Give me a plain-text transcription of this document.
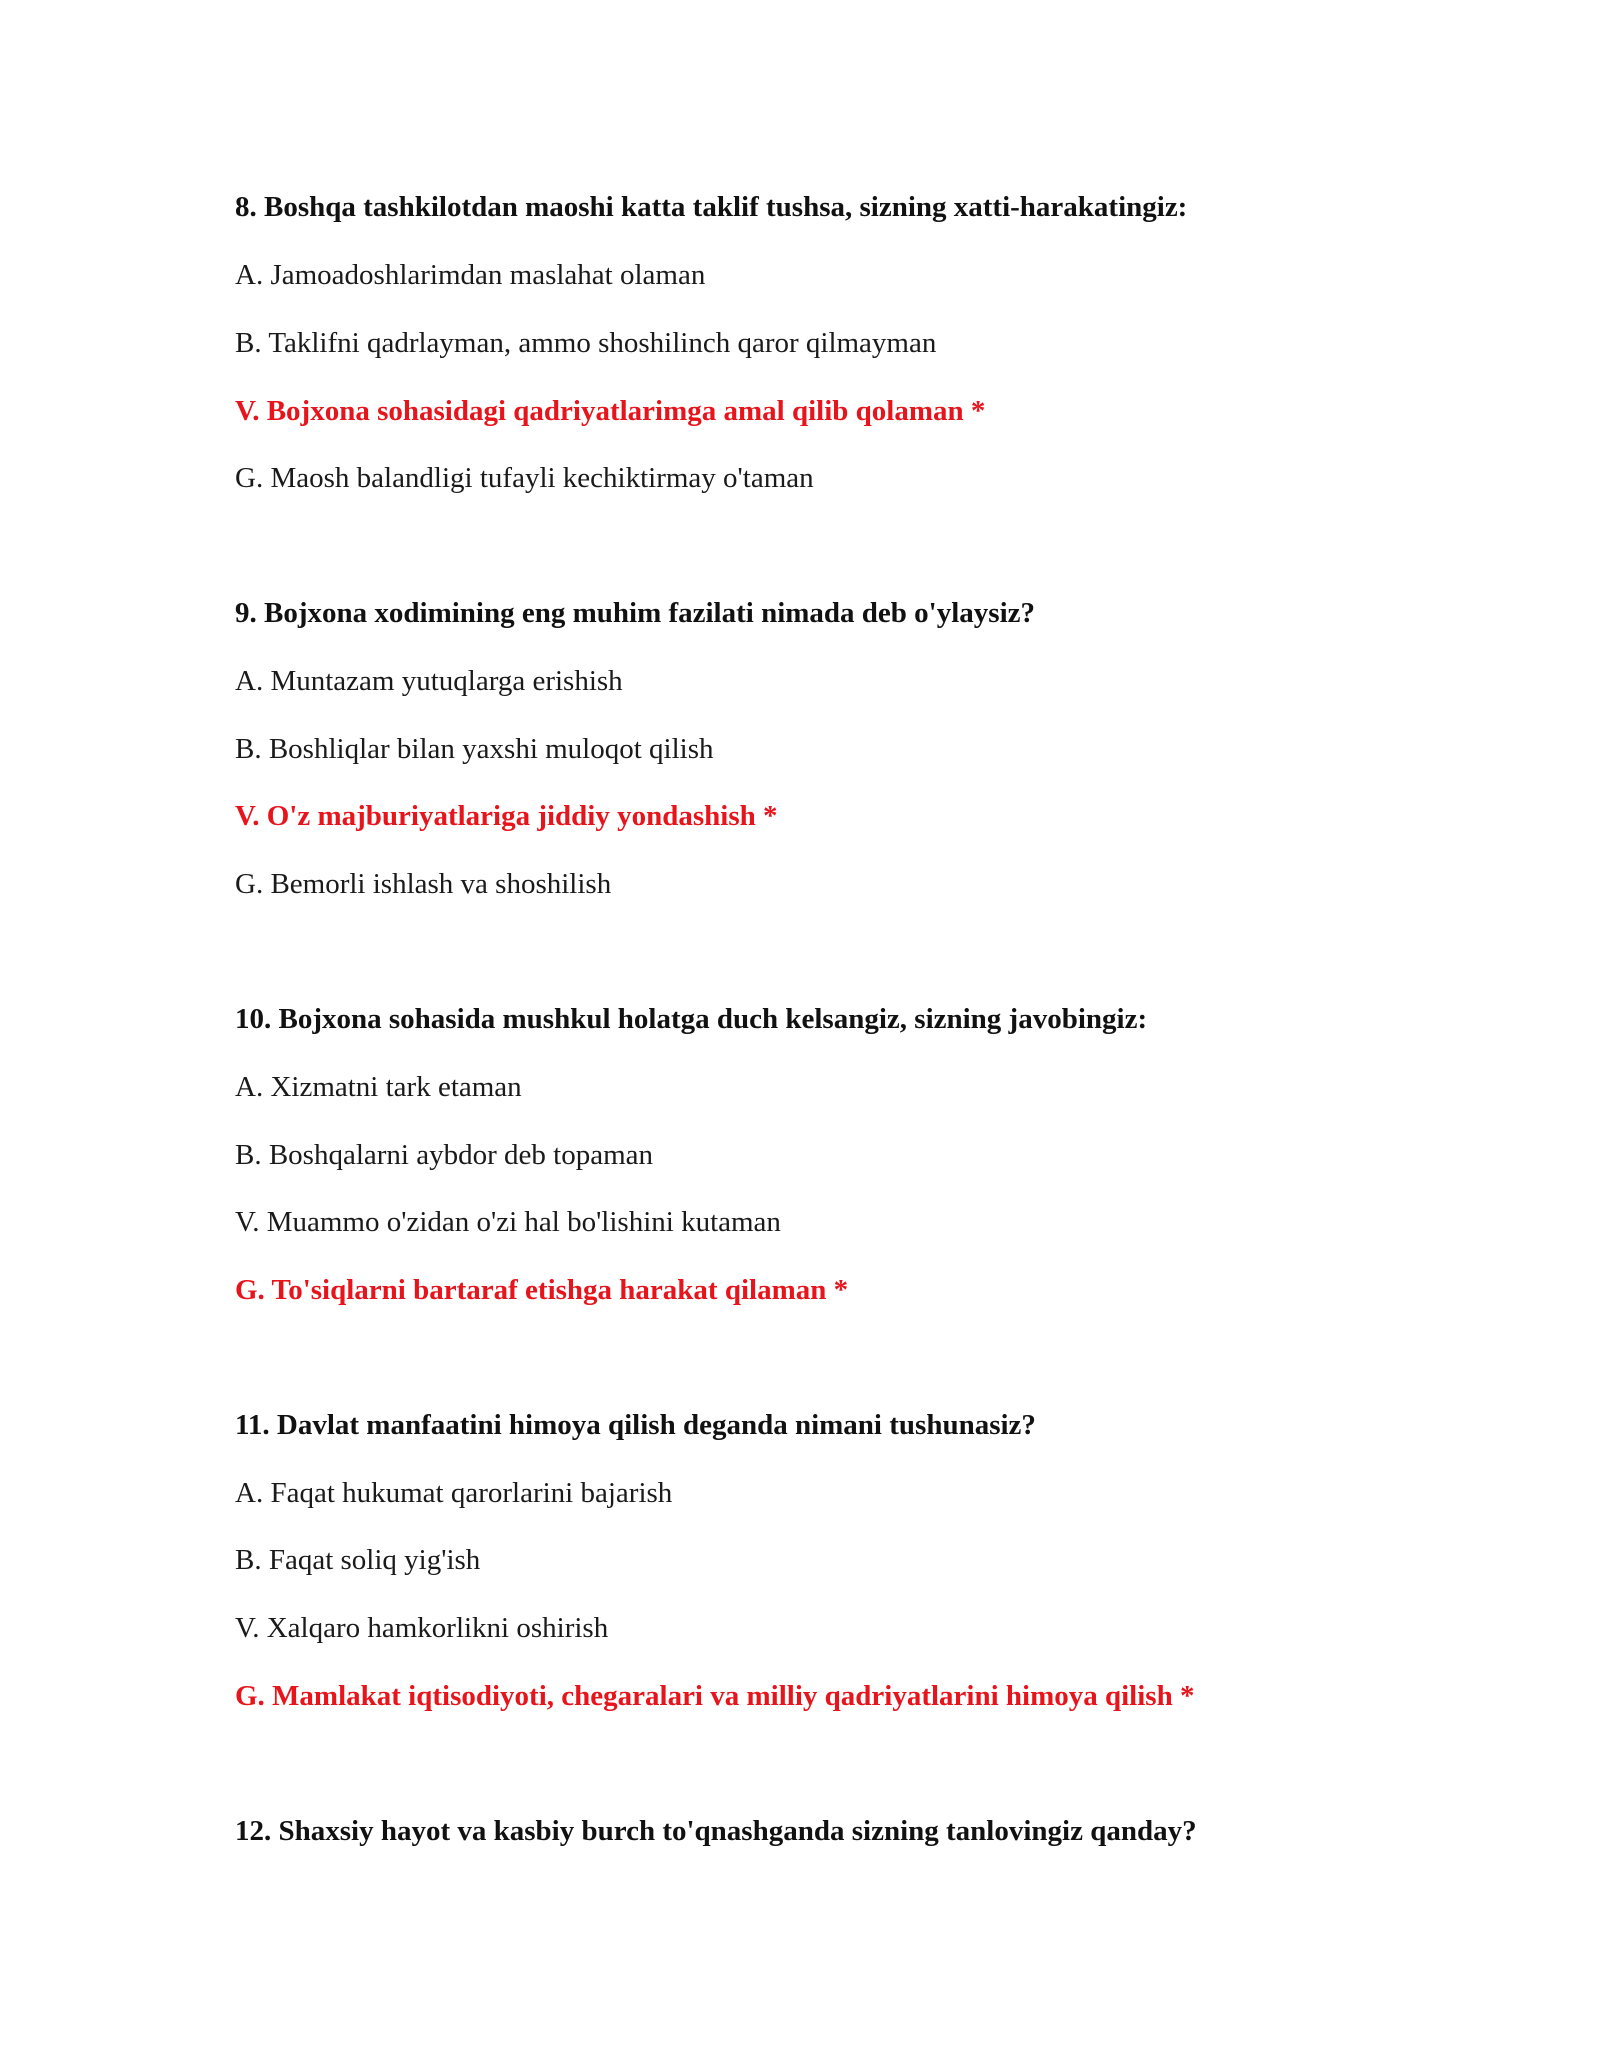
8. Boshqa tashkilotdan maoshi katta taklif tushsa, sizning xatti-harakatingiz:
A. Jamoadoshlarimdan maslahat olaman
B. Taklifni qadrlayman, ammo shoshilinch qaror qilmayman
V. Bojxona sohasidagi qadriyatlarimga amal qilib qolaman *
G. Maosh balandligi tufayli kechiktirmay o'taman
9. Bojxona xodimining eng muhim fazilati nimada deb o'ylaysiz?
A. Muntazam yutuqlarga erishish
B. Boshliqlar bilan yaxshi muloqot qilish
V. O'z majburiyatlariga jiddiy yondashish *
G. Bemorli ishlash va shoshilish
10. Bojxona sohasida mushkul holatga duch kelsangiz, sizning javobingiz:
A. Xizmatni tark etaman
B. Boshqalarni aybdor deb topaman
V. Muammo o'zidan o'zi hal bo'lishini kutaman
G. To'siqlarni bartaraf etishga harakat qilaman *
11. Davlat manfaatini himoya qilish deganda nimani tushunasiz?
A. Faqat hukumat qarorlarini bajarish
B. Faqat soliq yig'ish
V. Xalqaro hamkorlikni oshirish
G. Mamlakat iqtisodiyoti, chegaralari va milliy qadriyatlarini himoya qilish *
12. Shaxsiy hayot va kasbiy burch to'qnashganda sizning tanlovingiz qanday?
